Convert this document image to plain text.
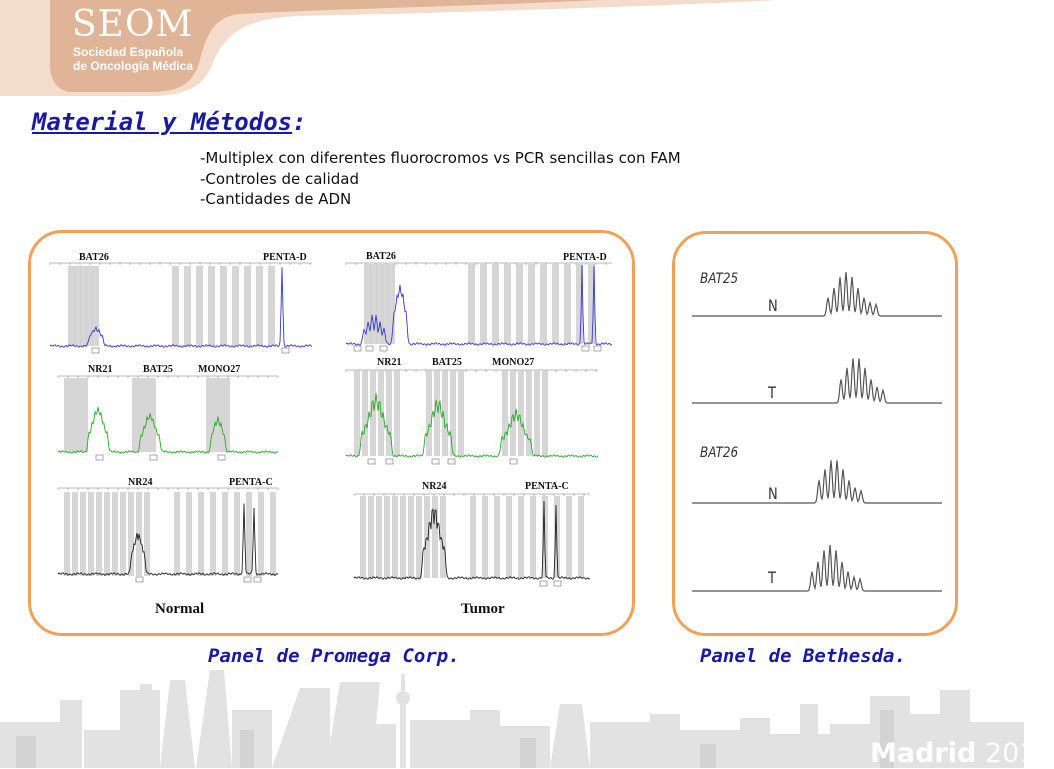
SEOM
Sociedad Española
de Oncología Médica
Material y Métodos:
-Multiplex con diferentes fluorocromos vs PCR sencillas con FAM
-Controles de calidad
-Cantidades de ADN
BAT26	PENTA-D
NR21	BAT25	MONO27
NR24	PENTA-C
BAT26	PENTA-D
NR21	BAT25	MONO27
NR24	PENTA-C
Normal	Tumor
BAT25
N
T
BAT26
N
T
Panel de Promega Corp.	Panel de Bethesda.
Madrid 2010
